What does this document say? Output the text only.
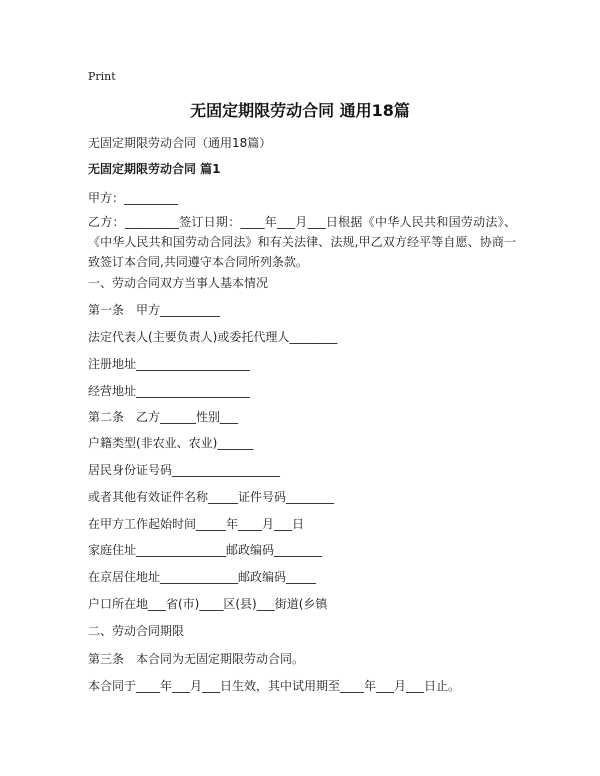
Print
无固定期限劳动合同 通用18篇
无固定期限劳动合同（通用18篇）
无固定期限劳动合同 篇1
甲方：_________
乙方：_________签订日期：____年___月___日根据《中华人民共和国劳动法》、《中华人民共和国劳动合同法》和有关法律、法规,甲乙双方经平等自愿、协商一致签订本合同,共同遵守本合同所列条款。
一、劳动合同双方当事人基本情况
第一条　甲方__________
法定代表人(主要负责人)或委托代理人________
注册地址___________________
经营地址___________________
第二条　乙方______性别___
户籍类型(非农业、农业)______
居民身份证号码__________________
或者其他有效证件名称_____证件号码________
在甲方工作起始时间_____年____月___日
家庭住址_______________邮政编码________
在京居住地址_____________邮政编码_____
户口所在地___省(市)____区(县)___街道(乡镇
二、劳动合同期限
第三条　本合同为无固定期限劳动合同。
本合同于____年___月___日生效，其中试用期至____年___月___日止。
